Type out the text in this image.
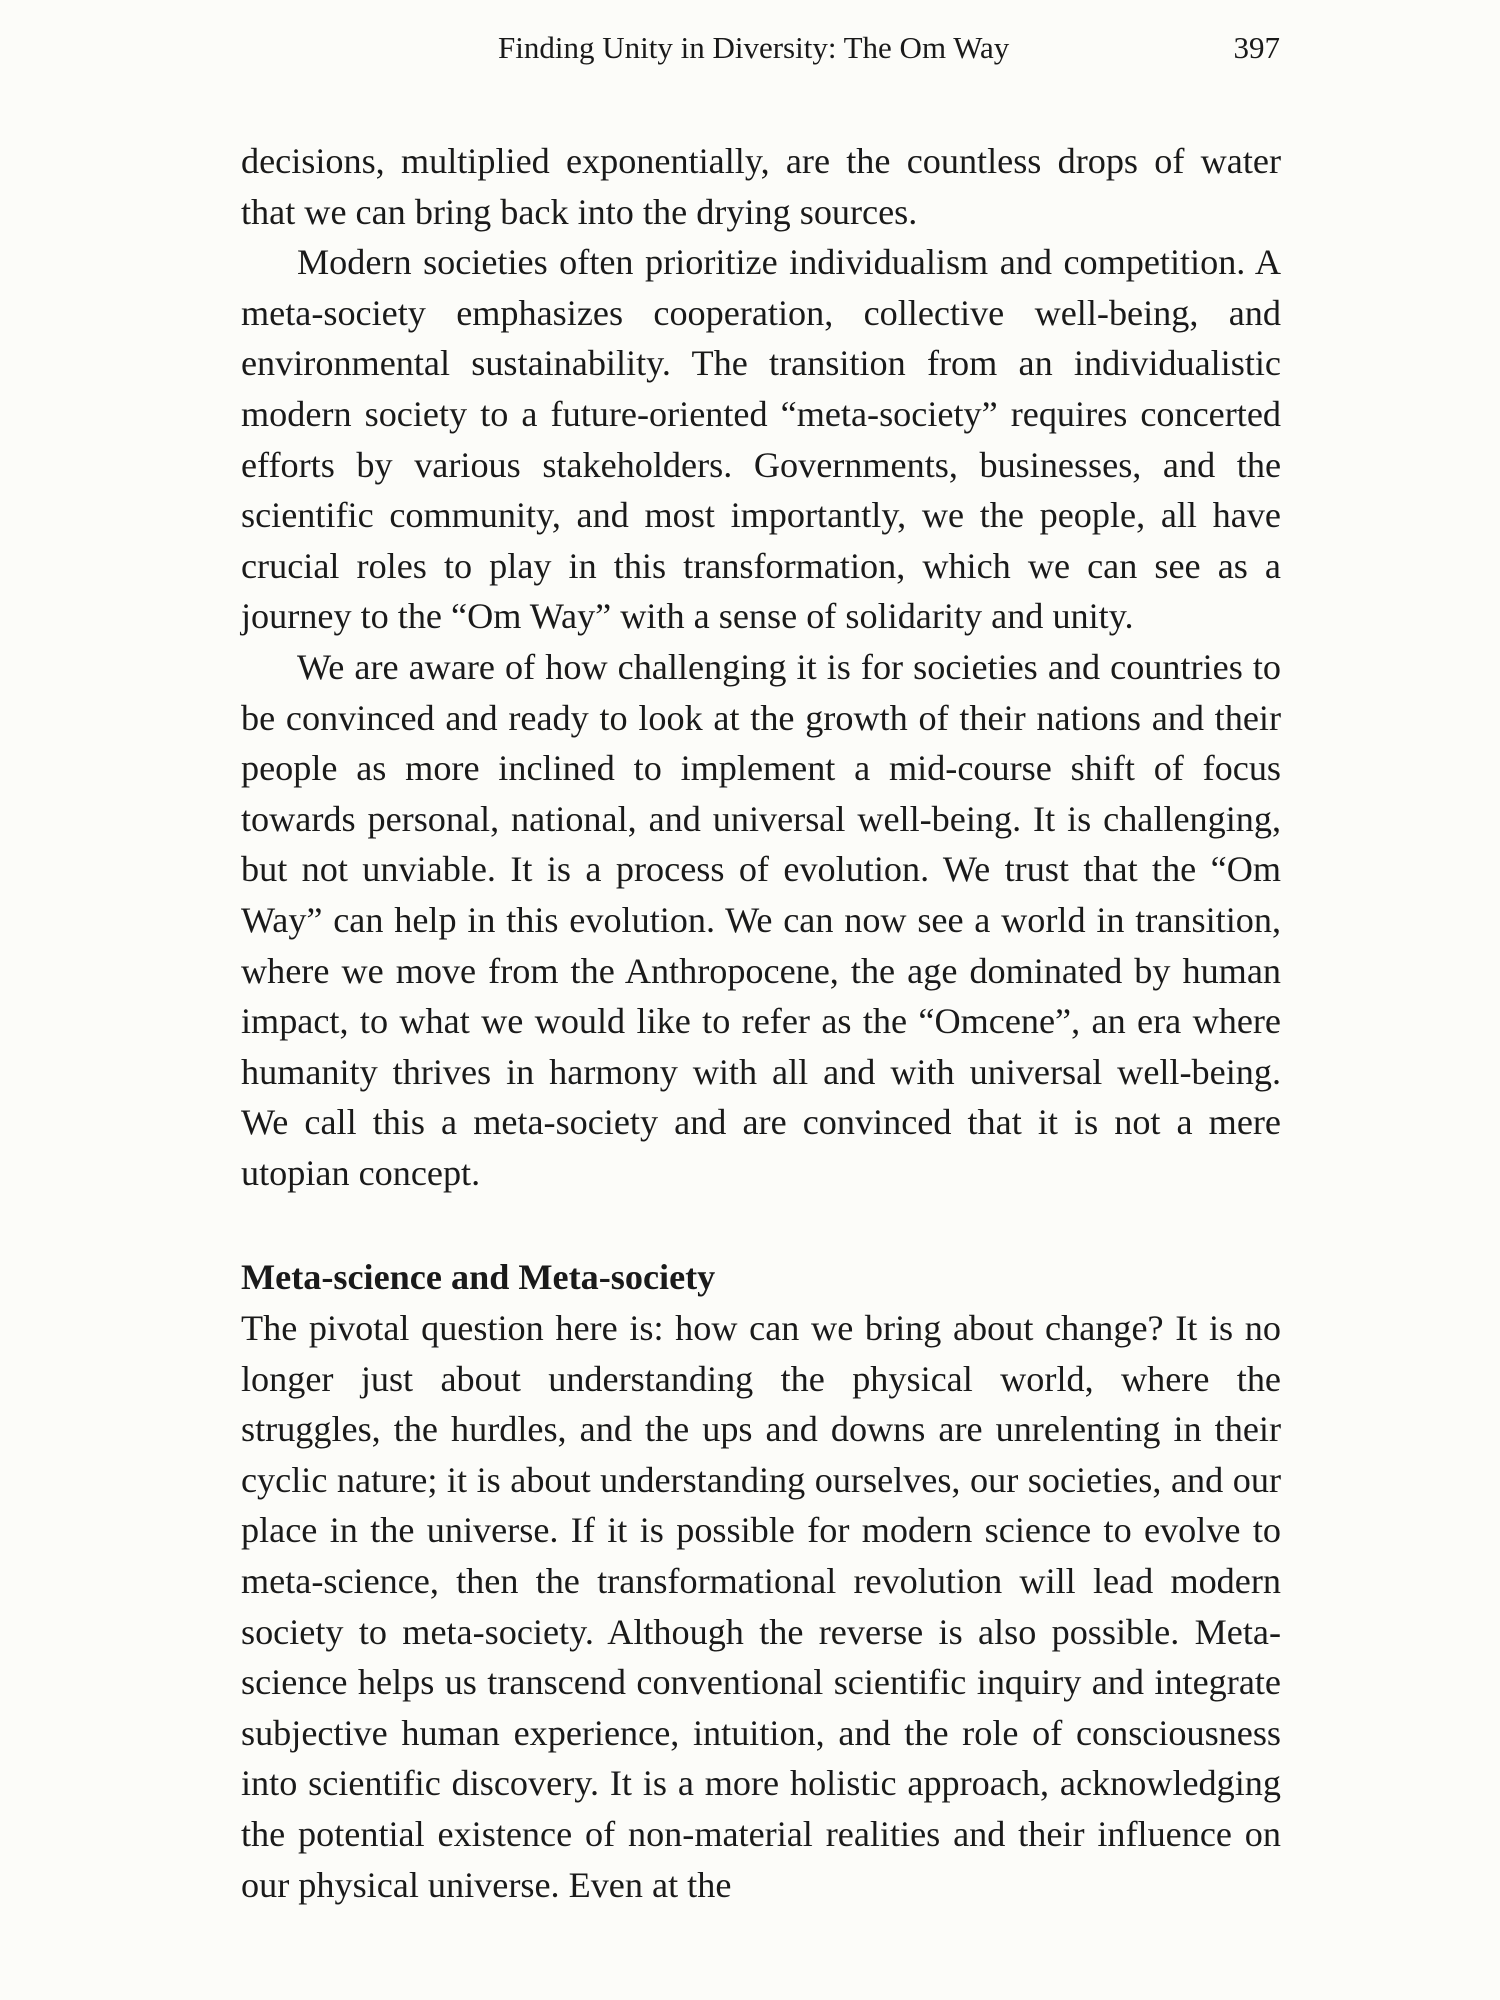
Finding Unity in Diversity: The Om Way	397

decisions, multiplied exponentially, are the countless drops of water that we can bring back into the drying sources.

Modern societies often prioritize individualism and competition. A meta-society emphasizes cooperation, collective well-being, and environmental sustainability. The transition from an individualistic modern society to a future-oriented “meta-society” requires concerted efforts by various stakeholders. Governments, businesses, and the scientific community, and most importantly, we the people, all have crucial roles to play in this transformation, which we can see as a journey to the “Om Way” with a sense of solidarity and unity.

We are aware of how challenging it is for societies and countries to be convinced and ready to look at the growth of their nations and their people as more inclined to implement a mid-course shift of focus towards personal, national, and universal well-being. It is challenging, but not unviable. It is a process of evolution. We trust that the “Om Way” can help in this evolution. We can now see a world in transition, where we move from the Anthropocene, the age dominated by human impact, to what we would like to refer as the “Omcene”, an era where humanity thrives in harmony with all and with universal well-being. We call this a meta-society and are convinced that it is not a mere utopian concept.

Meta-science and Meta-society

The pivotal question here is: how can we bring about change? It is no longer just about understanding the physical world, where the struggles, the hurdles, and the ups and downs are unrelenting in their cyclic nature; it is about understanding ourselves, our societies, and our place in the universe. If it is possible for modern science to evolve to meta-science, then the transformational revolution will lead modern society to meta-society. Although the reverse is also possible. Meta-science helps us transcend conventional scientific inquiry and integrate subjective human experience, intuition, and the role of consciousness into scientific discovery. It is a more holistic approach, acknowledging the potential existence of non-material realities and their influence on our physical universe. Even at the
